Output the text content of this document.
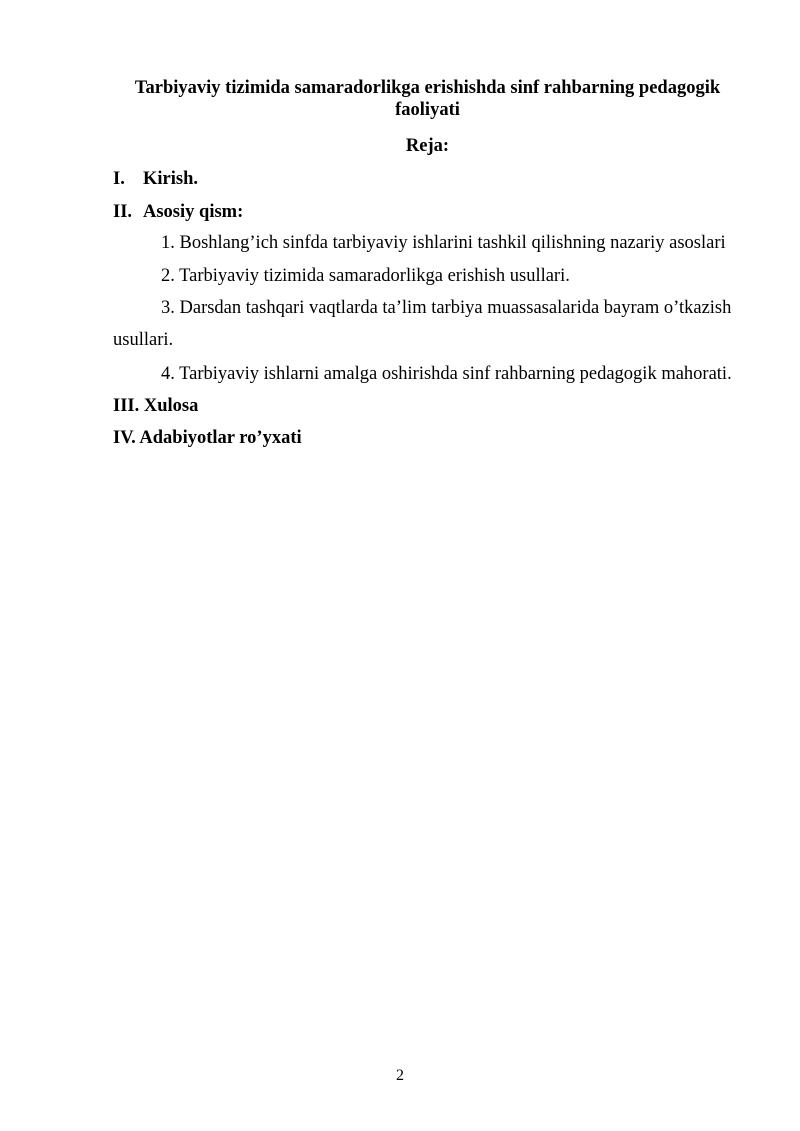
Tarbiyaviy tizimida samaradorlikga erishishda sinf rahbarning pedagogik faoliyati
Reja:
I. Kirish.
II. Asosiy qism:
1. Boshlang’ich sinfda tarbiyaviy ishlarini tashkil qilishning nazariy asoslari
2. Tarbiyaviy tizimida samaradorlikga erishish usullari.
3. Darsdan tashqari vaqtlarda ta’lim tarbiya muassasalarida bayram o’tkazish
usullari.
4. Tarbiyaviy ishlarni amalga oshirishda sinf rahbarning pedagogik mahorati.
III. Xulosa
IV. Adabiyotlar ro’yxati
2
